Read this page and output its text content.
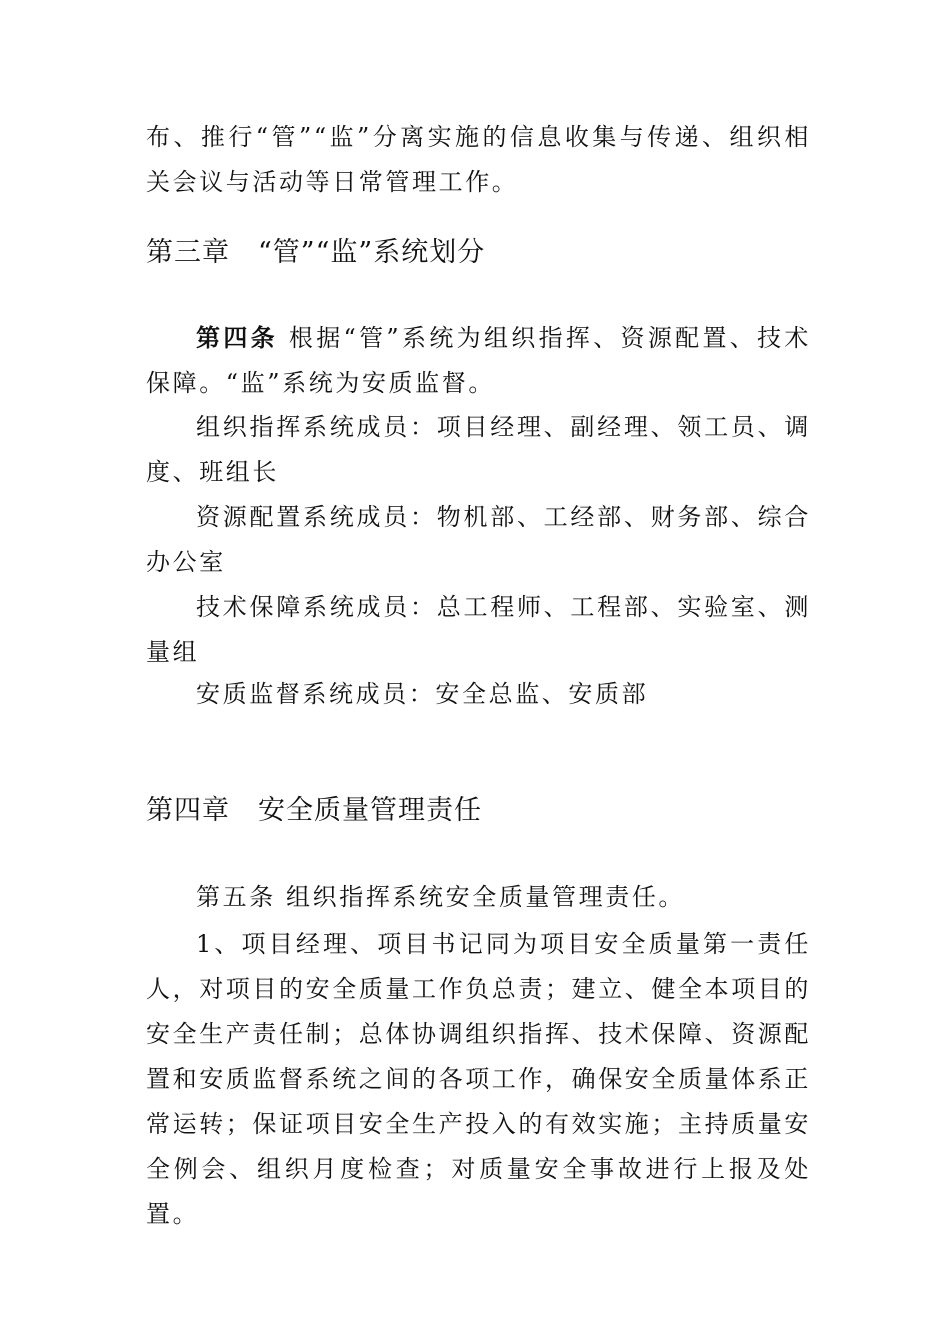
布、推行“管”“监”分离实施的信息收集与传递、组织相关会议与活动等日常管理工作。

第三章　“管”“监”系统划分

第四条 根据“管”系统为组织指挥、资源配置、技术保障。“监”系统为安质监督。

组织指挥系统成员：项目经理、副经理、领工员、调度、班组长

资源配置系统成员：物机部、工经部、财务部、综合办公室

技术保障系统成员：总工程师、工程部、实验室、测量组

安质监督系统成员：安全总监、安质部

第四章　安全质量管理责任

第五条 组织指挥系统安全质量管理责任。

1、项目经理、项目书记同为项目安全质量第一责任人，对项目的安全质量工作负总责；建立、健全本项目的安全生产责任制；总体协调组织指挥、技术保障、资源配置和安质监督系统之间的各项工作，确保安全质量体系正常运转；保证项目安全生产投入的有效实施；主持质量安全例会、组织月度检查；对质量安全事故进行上报及处置。
